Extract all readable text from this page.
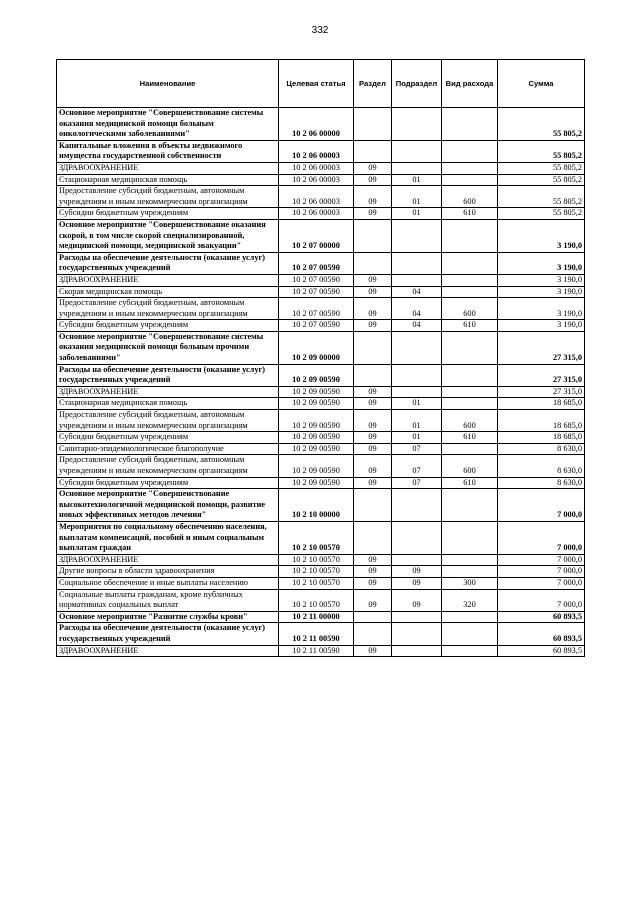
332
Наименование	Целевая статья	Раздел	Подраздел	Вид расхода	Сумма
Основное мероприятие "Совершенствование системы оказания медицинской помощи больным онкологическими заболеваниями"	10 2 06 00000				55 805,2
Капитальные вложения в объекты недвижимого имущества государственной собственности	10 2 06 00003				55 805,2
ЗДРАВООХРАНЕНИЕ	10 2 06 00003	09			55 805,2
Стационарная медицинская помощь	10 2 06 00003	09	01		55 805,2
Предоставление субсидий бюджетным, автономным учреждениям и иным некоммерческим организациям	10 2 06 00003	09	01	600	55 805,2
Субсидии бюджетным учреждениям	10 2 06 00003	09	01	610	55 805,2
Основное мероприятие "Совершенствование оказания скорой, в том числе скорой специализированной, медицинской помощи, медицинской эвакуации"	10 2 07 00000				3 190,0
Расходы на обеспечение деятельности (оказание услуг) государственных учреждений	10 2 07 00590				3 190,0
ЗДРАВООХРАНЕНИЕ	10 2 07 00590	09			3 190,0
Скорая медицинская помощь	10 2 07 00590	09	04		3 190,0
Предоставление субсидий бюджетным, автономным учреждениям и иным некоммерческим организациям	10 2 07 00590	09	04	600	3 190,0
Субсидии бюджетным учреждениям	10 2 07 00590	09	04	610	3 190,0
Основное мероприятие "Совершенствование системы оказания медицинской помощи больным прочими заболеваниями"	10 2 09 00000				27 315,0
Расходы на обеспечение деятельности (оказание услуг) государственных учреждений	10 2 09 00590				27 315,0
ЗДРАВООХРАНЕНИЕ	10 2 09 00590	09			27 315,0
Стационарная медицинская помощь	10 2 09 00590	09	01		18 685,0
Предоставление субсидий бюджетным, автономным учреждениям и иным некоммерческим организациям	10 2 09 00590	09	01	600	18 685,0
Субсидии бюджетным учреждениям	10 2 09 00590	09	01	610	18 685,0
Санитарно-эпидемиологическое благополучие	10 2 09 00590	09	07		8 630,0
Предоставление субсидий бюджетным, автономным учреждениям и иным некоммерческим организациям	10 2 09 00590	09	07	600	8 630,0
Субсидии бюджетным учреждениям	10 2 09 00590	09	07	610	8 630,0
Основное мероприятие "Совершенствование высокотехнологичной медицинской помощи, развитие новых эффективных методов лечения"	10 2 10 00000				7 000,0
Мероприятия по социальному обеспечению населения, выплатам компенсаций, пособий и иным социальным выплатам граждан	10 2 10 00570				7 000,0
ЗДРАВООХРАНЕНИЕ	10 2 10 00570	09			7 000,0
Другие вопросы в области здравоохранения	10 2 10 00570	09	09		7 000,0
Социальное обеспечение и иные выплаты населению	10 2 10 00570	09	09	300	7 000,0
Социальные выплаты гражданам, кроме публичных нормативных социальных выплат	10 2 10 00570	09	09	320	7 000,0
Основное мероприятие "Развитие службы крови"	10 2 11 00000				60 893,5
Расходы на обеспечение деятельности (оказание услуг) государственных учреждений	10 2 11 00590				60 893,5
ЗДРАВООХРАНЕНИЕ	10 2 11 00590	09			60 893,5
